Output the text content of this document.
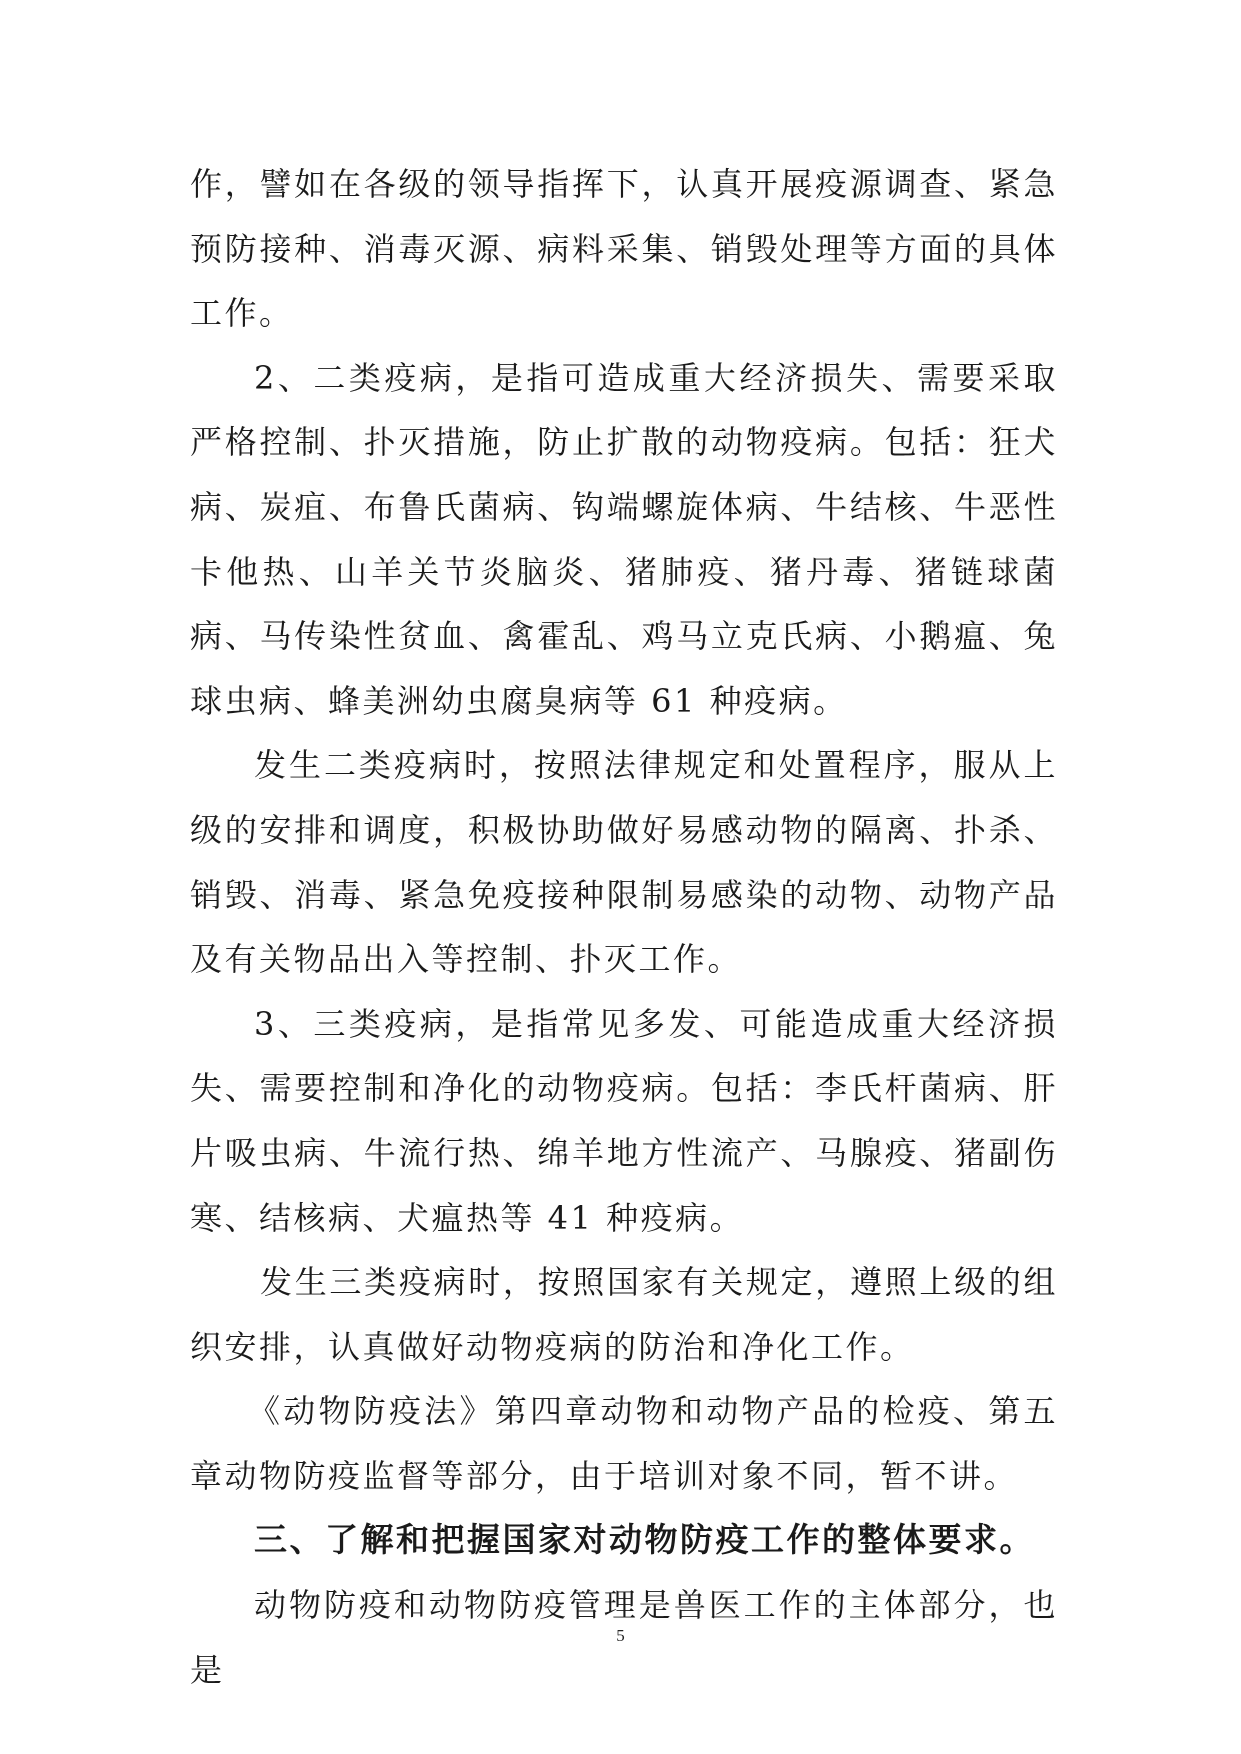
作，譬如在各级的领导指挥下，认真开展疫源调查、紧急预防接种、消毒灭源、病料采集、销毁处理等方面的具体工作。

2、二类疫病，是指可造成重大经济损失、需要采取严格控制、扑灭措施，防止扩散的动物疫病。包括：狂犬病、炭疽、布鲁氏菌病、钩端螺旋体病、牛结核、牛恶性卡他热、山羊关节炎脑炎、猪肺疫、猪丹毒、猪链球菌病、马传染性贫血、禽霍乱、鸡马立克氏病、小鹅瘟、兔球虫病、蜂美洲幼虫腐臭病等 61 种疫病。

发生二类疫病时，按照法律规定和处置程序，服从上级的安排和调度，积极协助做好易感动物的隔离、扑杀、销毁、消毒、紧急免疫接种限制易感染的动物、动物产品及有关物品出入等控制、扑灭工作。

3、三类疫病，是指常见多发、可能造成重大经济损失、需要控制和净化的动物疫病。包括：李氏杆菌病、肝片吸虫病、牛流行热、绵羊地方性流产、马腺疫、猪副伤寒、结核病、犬瘟热等 41 种疫病。

发生三类疫病时，按照国家有关规定，遵照上级的组织安排，认真做好动物疫病的防治和净化工作。

《动物防疫法》第四章动物和动物产品的检疫、第五章动物防疫监督等部分，由于培训对象不同，暂不讲。

三、了解和把握国家对动物防疫工作的整体要求。

动物防疫和动物防疫管理是兽医工作的主体部分，也是

5
